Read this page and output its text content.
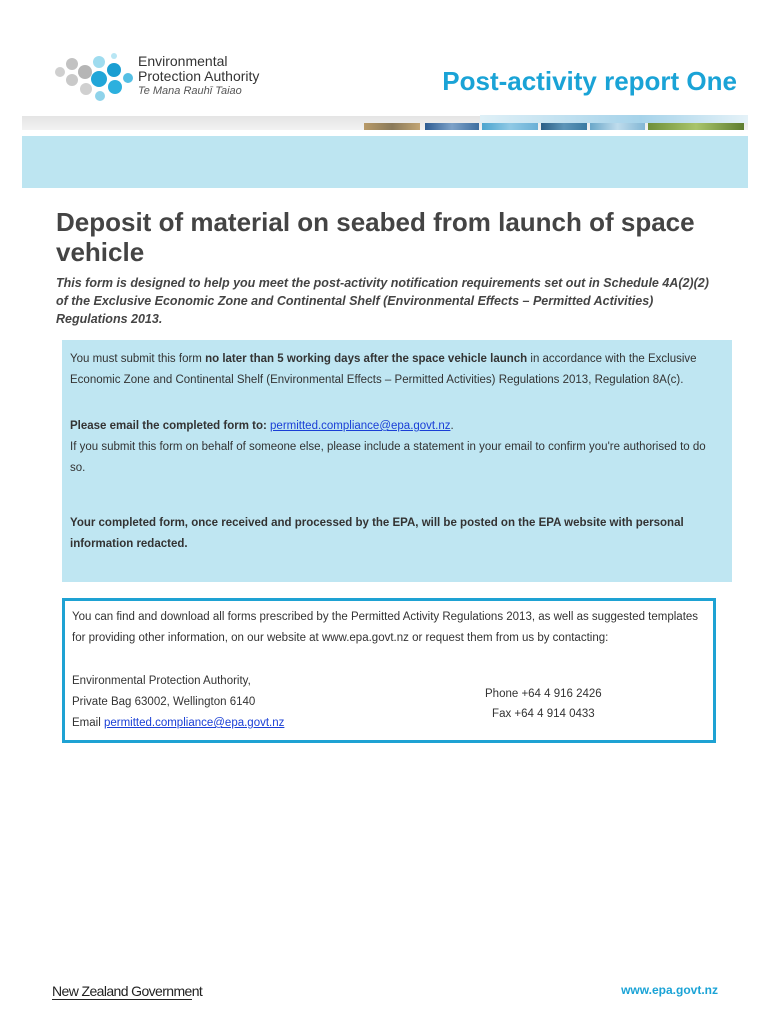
Environmental
Protection Authority
Te Mana Rauhī Taiao	Post-activity report One
Deposit of material on seabed from launch of space vehicle

This form is designed to help you meet the post-activity notification requirements set out in Schedule 4A(2)(2) of the Exclusive Economic Zone and Continental Shelf (Environmental Effects – Permitted Activities) Regulations 2013.

You must submit this form no later than 5 working days after the space vehicle launch in accordance with the Exclusive Economic Zone and Continental Shelf (Environmental Effects – Permitted Activities) Regulations 2013, Regulation 8A(c).

Please email the completed form to: permitted.compliance@epa.govt.nz.

If you submit this form on behalf of someone else, please include a statement in your email to confirm you're authorised to do so.

Your completed form, once received and processed by the EPA, will be posted on the EPA website with personal information redacted.

You can find and download all forms prescribed by the Permitted Activity Regulations 2013, as well as suggested templates for providing other information, on our website at www.epa.govt.nz or request them from us by contacting:

Environmental Protection Authority,
Private Bag 63002, Wellington 6140
Email permitted.compliance@epa.govt.nz
Phone +64 4 916 2426
Fax +64 4 914 0433
New Zealand Government	www.epa.govt.nz
